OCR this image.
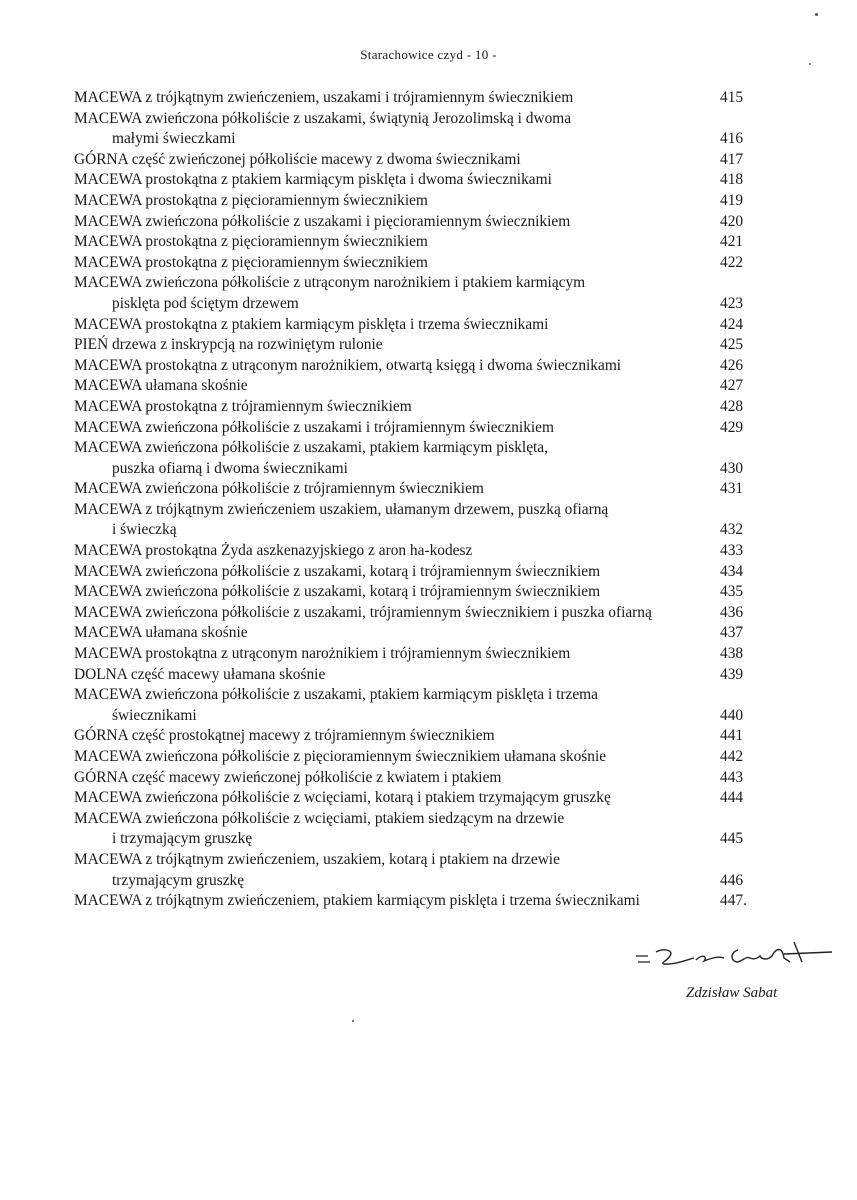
Starachowice czyd - 10 -
MACEWA z trójkątnym zwieńczeniem, uszakami i trójramiennym świecznikiem	415
MACEWA zwieńczona półkoliście z uszakami, świątynią Jerozolimską i dwoma
małymi świeczkami	416
GÓRNA część zwieńczonej półkoliście macewy z dwoma świecznikami	417
MACEWA prostokątna z ptakiem karmiącym pisklęta i dwoma świecznikami	418
MACEWA prostokątna z pięcioramiennym świecznikiem	419
MACEWA zwieńczona półkoliście z uszakami i pięcioramiennym świecznikiem	420
MACEWA prostokątna z pięcioramiennym świecznikiem	421
MACEWA prostokątna z pięcioramiennym świecznikiem	422
MACEWA zwieńczona półkoliście z utrąconym narożnikiem i ptakiem karmiącym
pisklęta pod ściętym drzewem	423
MACEWA prostokątna z ptakiem karmiącym pisklęta i trzema świecznikami	424
PIEŃ drzewa z inskrypcją na rozwiniętym rulonie	425
MACEWA prostokątna z utrąconym narożnikiem, otwartą księgą i dwoma świecznikami	426
MACEWA ułamana skośnie	427
MACEWA prostokątna z trójramiennym świecznikiem	428
MACEWA zwieńczona półkoliście z uszakami i trójramiennym świecznikiem	429
MACEWA zwieńczona półkoliście z uszakami, ptakiem karmiącym pisklęta,
puszka ofiarną i dwoma świecznikami	430
MACEWA zwieńczona półkoliście z trójramiennym świecznikiem	431
MACEWA z trójkątnym zwieńczeniem uszakiem, ułamanym drzewem, puszką ofiarną
i świeczką	432
MACEWA prostokątna Żyda aszkenazyjskiego z aron ha-kodesz	433
MACEWA zwieńczona półkoliście z uszakami, kotarą i trójramiennym świecznikiem	434
MACEWA zwieńczona półkoliście z uszakami, kotarą i trójramiennym świecznikiem	435
MACEWA zwieńczona półkoliście z uszakami, trójramiennym świecznikiem i puszka ofiarną	436
MACEWA ułamana skośnie	437
MACEWA prostokątna z utrąconym narożnikiem i trójramiennym świecznikiem	438
DOLNA część macewy ułamana skośnie	439
MACEWA zwieńczona półkoliście z uszakami, ptakiem karmiącym pisklęta i trzema
świecznikami	440
GÓRNA część prostokątnej macewy z trójramiennym świecznikiem	441
MACEWA zwieńczona półkoliście z pięcioramiennym świecznikiem ułamana skośnie	442
GÓRNA część macewy zwieńczonej półkoliście z kwiatem i ptakiem	443
MACEWA zwieńczona półkoliście z wcięciami, kotarą i ptakiem trzymającym gruszkę	444
MACEWA zwieńczona półkoliście z wcięciami, ptakiem siedzącym na drzewie
i trzymającym gruszkę	445
MACEWA z trójkątnym zwieńczeniem, uszakiem, kotarą i ptakiem na drzewie
trzymającym gruszkę	446
MACEWA z trójkątnym zwieńczeniem, ptakiem karmiącym pisklęta i trzema świecznikami	447.
Zdzisław Sabat
